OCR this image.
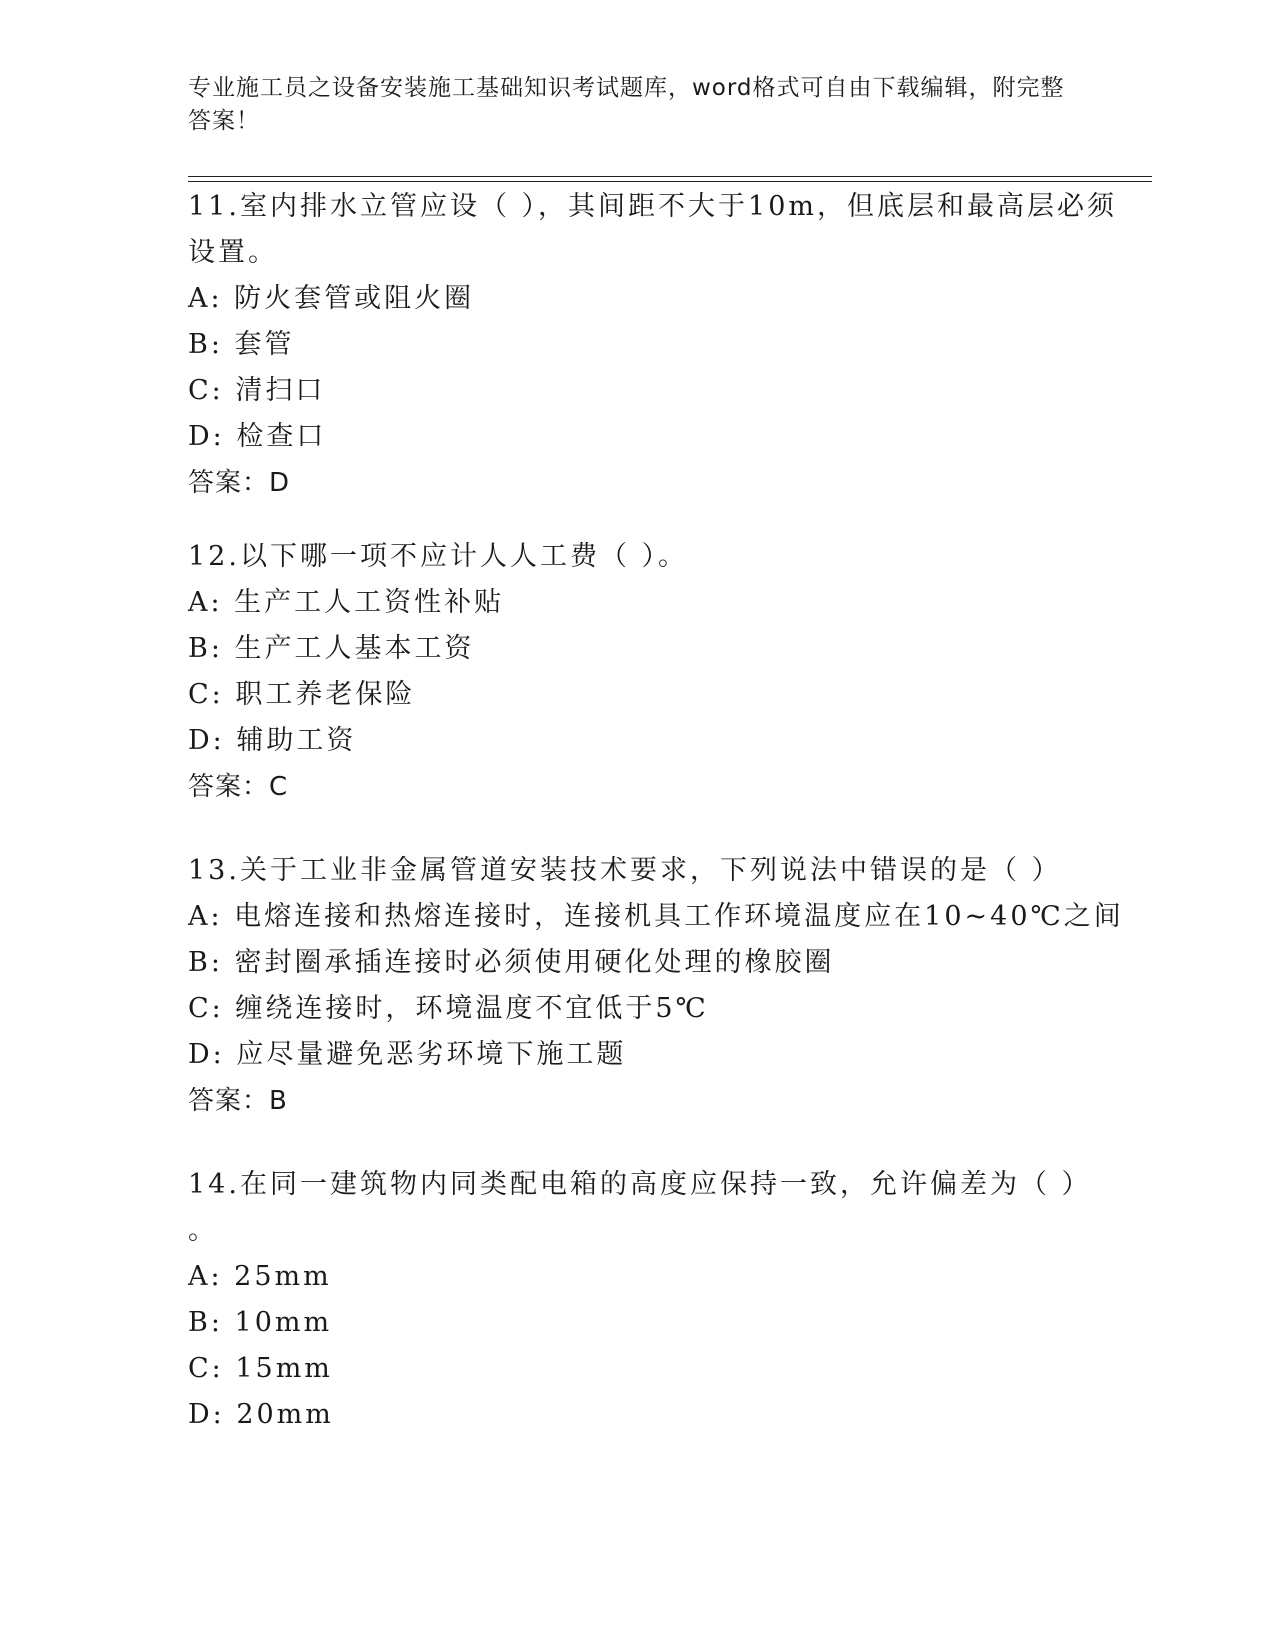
专业施工员之设备安装施工基础知识考试题库，word格式可自由下载编辑，附完整答案！
11.室内排水立管应设（ ），其间距不大于10m，但底层和最高层必须
设置。
A: 防火套管或阻火圈
B: 套管
C: 清扫口
D: 检查口
答案：D
12.以下哪一项不应计人人工费（ ）。
A: 生产工人工资性补贴
B: 生产工人基本工资
C: 职工养老保险
D: 辅助工资
答案：C
13.关于工业非金属管道安装技术要求，下列说法中错误的是（ ）
A: 电熔连接和热熔连接时，连接机具工作环境温度应在10~40℃之间
B: 密封圈承插连接时必须使用硬化处理的橡胶圈
C: 缠绕连接时，环境温度不宜低于5℃
D: 应尽量避免恶劣环境下施工题
答案：B
14.在同一建筑物内同类配电箱的高度应保持一致，允许偏差为（ ）
。
A: 25mm
B: 10mm
C: 15mm
D: 20mm
